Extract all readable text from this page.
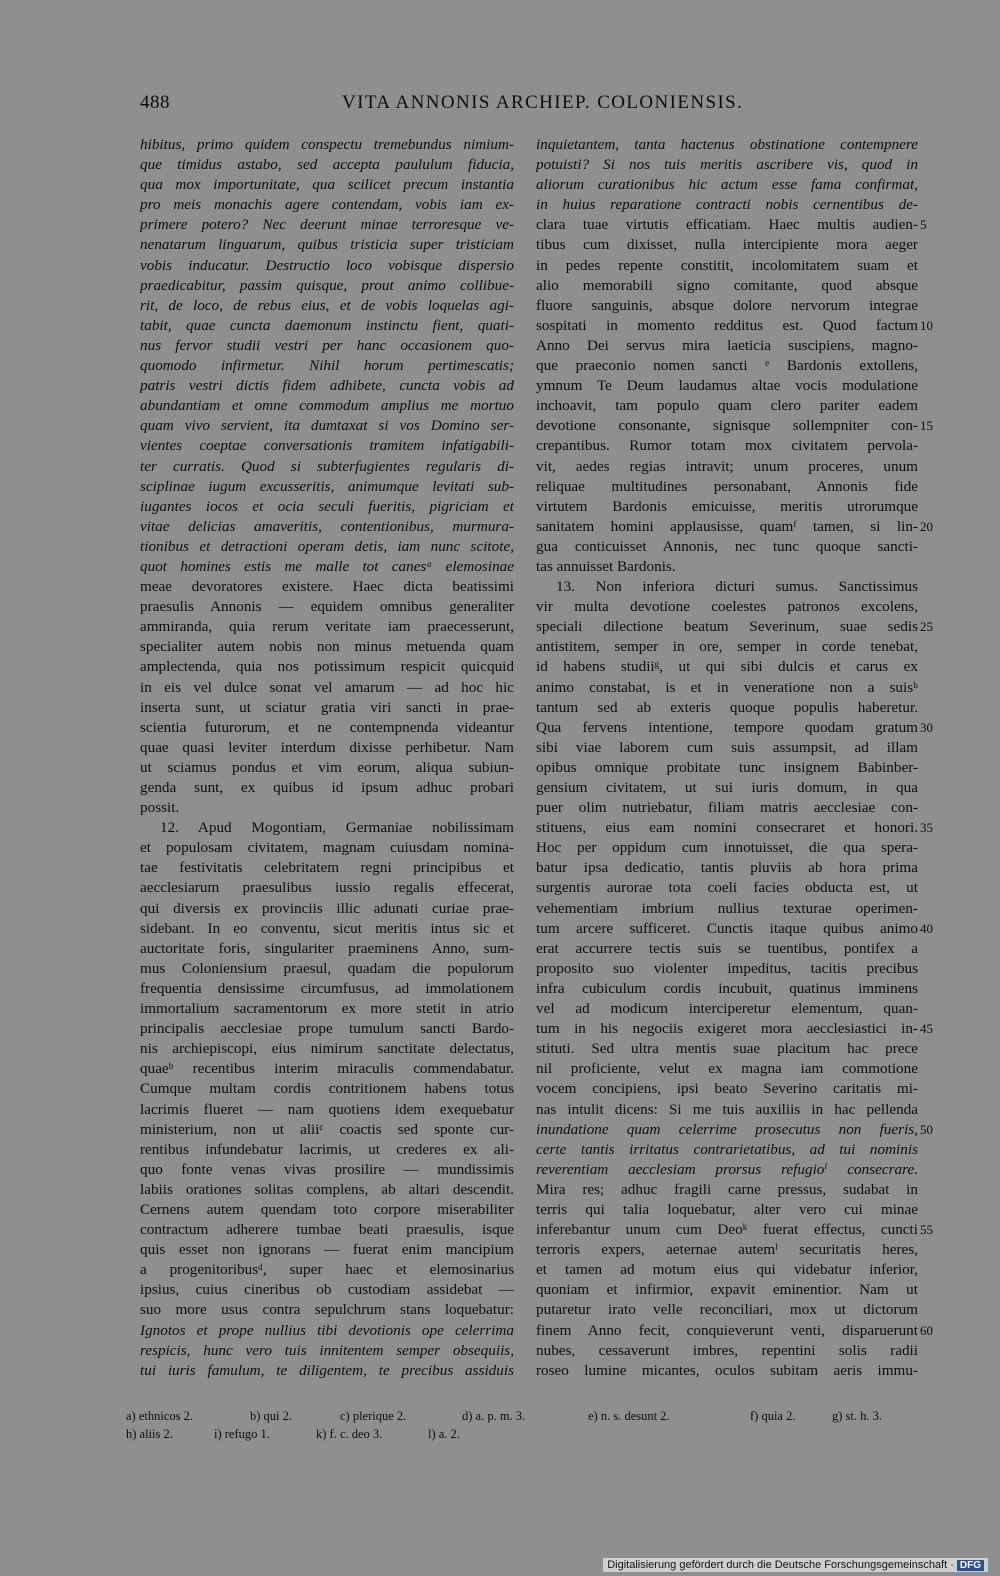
488	VITA ANNONIS ARCHIEP. COLONIENSIS.
hibitus, primo quidem conspectu tremebundus nimium-
que timidus astabo, sed accepta paululum fiducia,
qua mox importunitate, qua scilicet precum instantia
pro meis monachis agere contendam, vobis iam ex-
primere potero? Nec deerunt minae terroresque ve-
nenatarum linguarum, quibus tristicia super tristiciam
vobis inducatur. Destructio loco vobisque dispersio
praedicabitur, passim quisque, prout animo collibue-
rit, de loco, de rebus eius, et de vobis loquelas agi-
tabit, quae cuncta daemonum instinctu fient, quati-
nus fervor studii vestri per hanc occasionem quo-
quomodo infirmetur. Nihil horum pertimescatis;
patris vestri dictis fidem adhibete, cuncta vobis ad
abundantiam et omne commodum amplius me mortuo
quam vivo servient, ita dumtaxat si vos Domino ser-
vientes coeptae conversationis tramitem infatigabili-
ter curratis. Quod si subterfugientes regularis di-
sciplinae iugum excusseritis, animumque levitati sub-
iugantes iocos et ocia seculi fueritis, pigriciam et
vitae delicias amaveritis, contentionibus, murmura-
tionibus et detractioni operam detis, iam nunc scitote,
quot homines estis me malle tot canesᵃ elemosinae
meae devoratores existere. Haec dicta beatissimi
praesulis Annonis — equidem omnibus generaliter
ammiranda, quia rerum veritate iam praecesserunt,
specialiter autem nobis non minus metuenda quam
amplectenda, quia nos potissimum respicit quicquid
in eis vel dulce sonat vel amarum — ad hoc hic
inserta sunt, ut sciatur gratia viri sancti in prae-
scientia futurorum, et ne contempnenda videantur
quae quasi leviter interdum dixisse perhibetur. Nam
ut sciamus pondus et vim eorum, aliqua subiun-
genda sunt, ex quibus id ipsum adhuc probari
possit.
12. Apud Mogontiam, Germaniae nobilissimam
et populosam civitatem, magnam cuiusdam nomina-
tae festivitatis celebritatem regni principibus et
aecclesiarum praesulibus iussio regalis effecerat,
qui diversis ex provinciis illic adunati curiae prae-
sidebant. In eo conventu, sicut meritis intus sic et
auctoritate foris, singulariter praeminens Anno, sum-
mus Coloniensium praesul, quadam die populorum
frequentia densissime circumfusus, ad immolationem
immortalium sacramentorum ex more stetit in atrio
principalis aecclesiae prope tumulum sancti Bardo-
nis archiepiscopi, eius nimirum sanctitate delectatus,
quaeᵇ recentibus interim miraculis commendabatur.
Cumque multam cordis contritionem habens totus
lacrimis flueret — nam quotiens idem exequebatur
ministerium, non ut aliiᶜ coactis sed sponte cur-
rentibus infundebatur lacrimis, ut crederes ex ali-
quo fonte venas vivas prosilire — mundissimis
labiis orationes solitas complens, ab altari descendit.
Cernens autem quendam toto corpore miserabiliter
contractum adherere tumbae beati praesulis, isque
quis esset non ignorans — fuerat enim mancipium
a progenitoribusᵈ, super haec et elemosinarius
ipsius, cuius cineribus ob custodiam assidebat —
suo more usus contra sepulchrum stans loquebatur:
Ignotos et prope nullius tibi devotionis ope celerrima
respicis, hunc vero tuis innitentem semper obsequiis,
tui iuris famulum, te diligentem, te precibus assiduis
inquietantem, tanta hactenus obstinatione contempnere
potuisti? Si nos tuis meritis ascribere vis, quod in
aliorum curationibus hic actum esse fama confirmat,
in huius reparatione contracti nobis cernentibus de-
clara tuae virtutis efficatiam. Haec multis audien-
tibus cum dixisset, nulla intercipiente mora aeger
in pedes repente constitit, incolomitatem suam et
alio memorabili signo comitante, quod absque
fluore sanguinis, absque dolore nervorum integrae
sospitati in momento redditus est. Quod factum
Anno Dei servus mira laeticia suscipiens, magno-
que praeconio nomen sancti ᵉ Bardonis extollens,
ymnum Te Deum laudamus altae vocis modulatione
inchoavit, tam populo quam clero pariter eadem
devotione consonante, signisque sollempniter con-
crepantibus. Rumor totam mox civitatem pervola-
vit, aedes regias intravit; unum proceres, unum
reliquae multitudines personabant, Annonis fide
virtutem Bardonis emicuisse, meritis utrorumque
sanitatem homini applausisse, quamᶠ tamen, si lin-
gua conticuisset Annonis, nec tunc quoque sancti-
tas annuisset Bardonis.
13. Non inferiora dicturi sumus. Sanctissimus
vir multa devotione coelestes patronos excolens,
speciali dilectione beatum Severinum, suae sedis
antistitem, semper in ore, semper in corde tenebat,
id habens studiiᵍ, ut qui sibi dulcis et carus ex
animo constabat, is et in veneratione non a suisʰ
tantum sed ab exteris quoque populis haberetur.
Qua fervens intentione, tempore quodam gratum
sibi viae laborem cum suis assumpsit, ad illam
opibus omnique probitate tunc insignem Babinber-
gensium civitatem, ut sui iuris domum, in qua
puer olim nutriebatur, filiam matris aecclesiae con-
stituens, eius eam nomini consecraret et honori.
Hoc per oppidum cum innotuisset, die qua spera-
batur ipsa dedicatio, tantis pluviis ab hora prima
surgentis aurorae tota coeli facies obducta est, ut
vehementiam imbrium nullius texturae operimen-
tum arcere sufficeret. Cunctis itaque quibus animo
erat accurrere tectis suis se tuentibus, pontifex a
proposito suo violenter impeditus, tacitis precibus
infra cubiculum cordis incubuit, quatinus imminens
vel ad modicum interciperetur elementum, quan-
tum in his negociis exigeret mora aecclesiastici in-
stituti. Sed ultra mentis suae placitum hac prece
nil proficiente, velut ex magna iam commotione
vocem concipiens, ipsi beato Severino caritatis mi-
nas intulit dicens: Si me tuis auxiliis in hac pellenda
inundatione quam celerrime prosecutus non fueris,
certe tantis irritatus contrarietatibus, ad tui nominis
reverentiam aecclesiam prorsus refugioⁱ consecrare.
Mira res; adhuc fragili carne pressus, sudabat in
terris qui talia loquebatur, alter vero cui minae
inferebantur unum cum Deoᵏ fuerat effectus, cuncti
terroris expers, aeternae autemˡ securitatis heres,
et tamen ad motum eius qui videbatur inferior,
quoniam et infirmior, expavit eminentior. Nam ut
putaretur irato velle reconciliari, mox ut dictorum
finem Anno fecit, conquieverunt venti, disparuerunt
nubes, cessaverunt imbres, repentini solis radii
roseo lumine micantes, oculos subitam aeris immu-
5
10
15
20
25
30
35
40
45
50
55
60
a) ethnicos 2.	b) qui 2.	c) plerique 2.	d) a. p. m. 3.	e) n. s. desunt 2.	f) quia 2.	g) st. h. 3.
h) aliis 2.	i) refugo 1.	k) f. c. deo 3.	l) a. 2.
Digitalisierung gefördert durch die Deutsche Forschungsgemeinschaft · DFG
